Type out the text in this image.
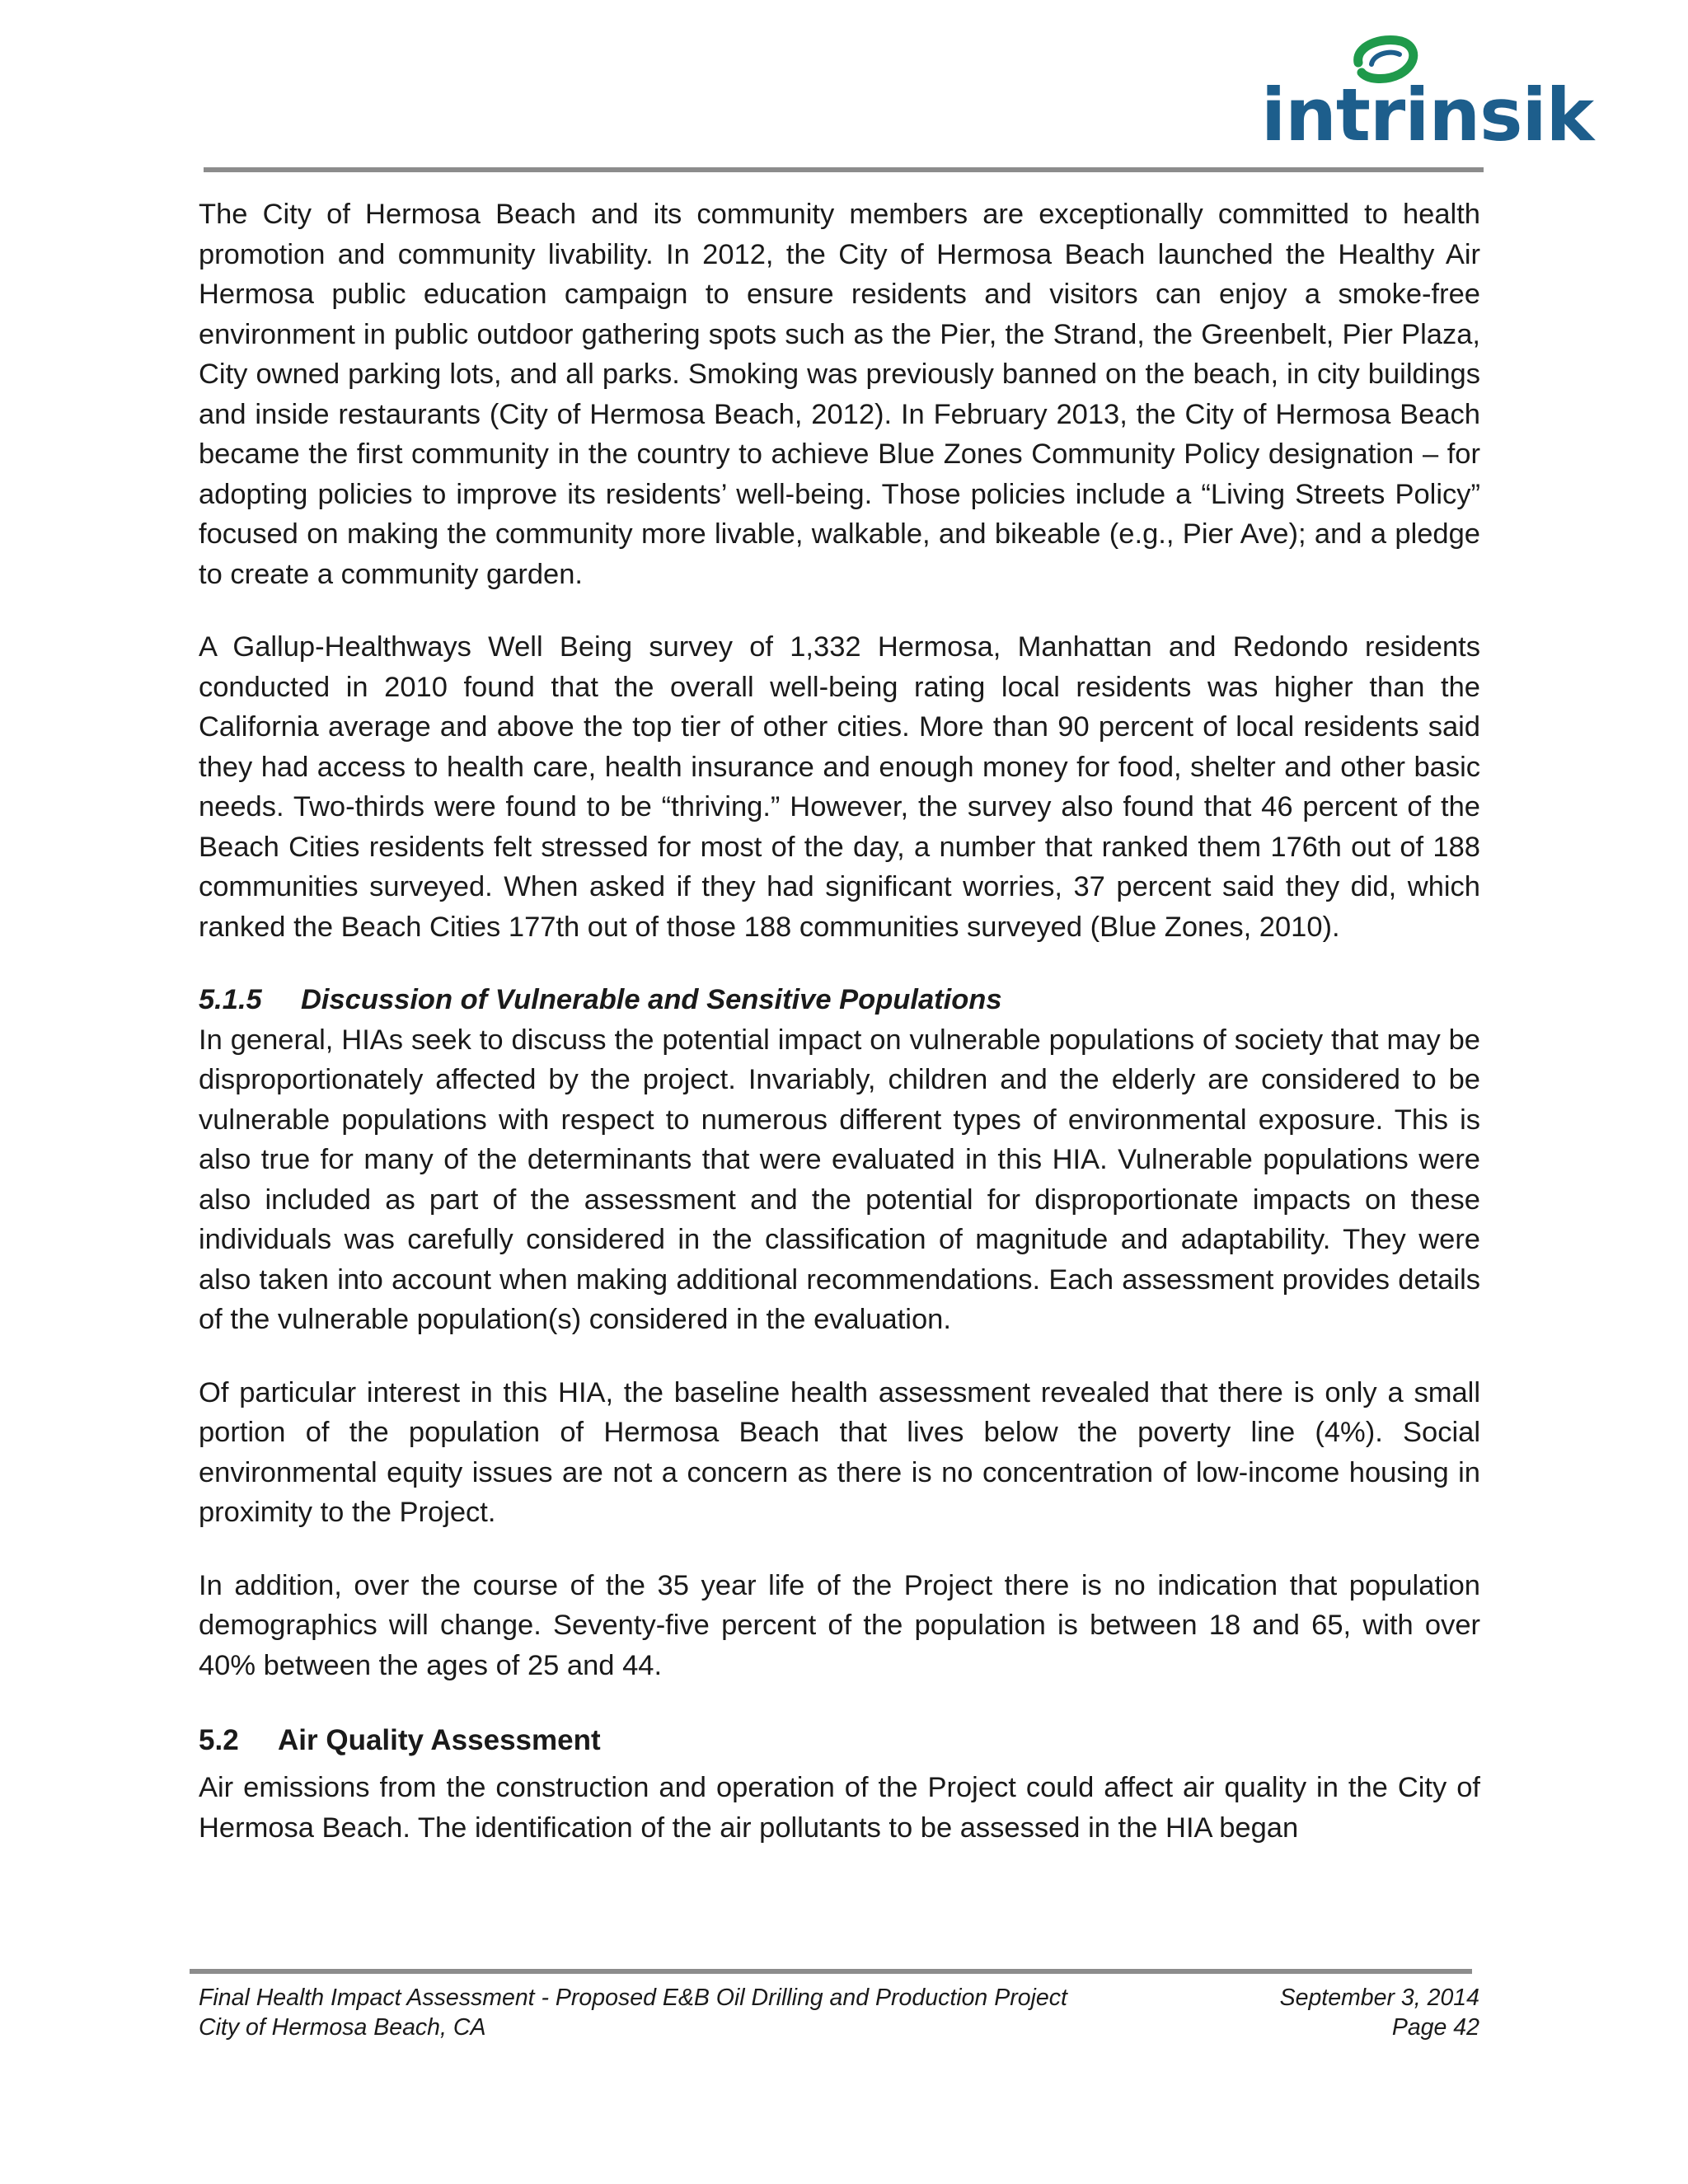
intrinsik

The City of Hermosa Beach and its community members are exceptionally committed to health promotion and community livability. In 2012, the City of Hermosa Beach launched the Healthy Air Hermosa public education campaign to ensure residents and visitors can enjoy a smoke-free environment in public outdoor gathering spots such as the Pier, the Strand, the Greenbelt, Pier Plaza, City owned parking lots, and all parks. Smoking was previously banned on the beach, in city buildings and inside restaurants (City of Hermosa Beach, 2012). In February 2013, the City of Hermosa Beach became the first community in the country to achieve Blue Zones Community Policy designation – for adopting policies to improve its residents’ well-being. Those policies include a “Living Streets Policy” focused on making the community more livable, walkable, and bikeable (e.g., Pier Ave); and a pledge to create a community garden.

A Gallup-Healthways Well Being survey of 1,332 Hermosa, Manhattan and Redondo residents conducted in 2010 found that the overall well-being rating local residents was higher than the California average and above the top tier of other cities. More than 90 percent of local residents said they had access to health care, health insurance and enough money for food, shelter and other basic needs. Two-thirds were found to be “thriving.” However, the survey also found that 46 percent of the Beach Cities residents felt stressed for most of the day, a number that ranked them 176th out of 188 communities surveyed. When asked if they had significant worries, 37 percent said they did, which ranked the Beach Cities 177th out of those 188 communities surveyed (Blue Zones, 2010).

5.1.5 Discussion of Vulnerable and Sensitive Populations

In general, HIAs seek to discuss the potential impact on vulnerable populations of society that may be disproportionately affected by the project. Invariably, children and the elderly are considered to be vulnerable populations with respect to numerous different types of environmental exposure. This is also true for many of the determinants that were evaluated in this HIA. Vulnerable populations were also included as part of the assessment and the potential for disproportionate impacts on these individuals was carefully considered in the classification of magnitude and adaptability. They were also taken into account when making additional recommendations. Each assessment provides details of the vulnerable population(s) considered in the evaluation.

Of particular interest in this HIA, the baseline health assessment revealed that there is only a small portion of the population of Hermosa Beach that lives below the poverty line (4%). Social environmental equity issues are not a concern as there is no concentration of low-income housing in proximity to the Project.

In addition, over the course of the 35 year life of the Project there is no indication that population demographics will change. Seventy-five percent of the population is between 18 and 65, with over 40% between the ages of 25 and 44.

5.2 Air Quality Assessment

Air emissions from the construction and operation of the Project could affect air quality in the City of Hermosa Beach. The identification of the air pollutants to be assessed in the HIA began

Final Health Impact Assessment - Proposed E&B Oil Drilling and Production Project	September 3, 2014
City of Hermosa Beach, CA	Page 42
